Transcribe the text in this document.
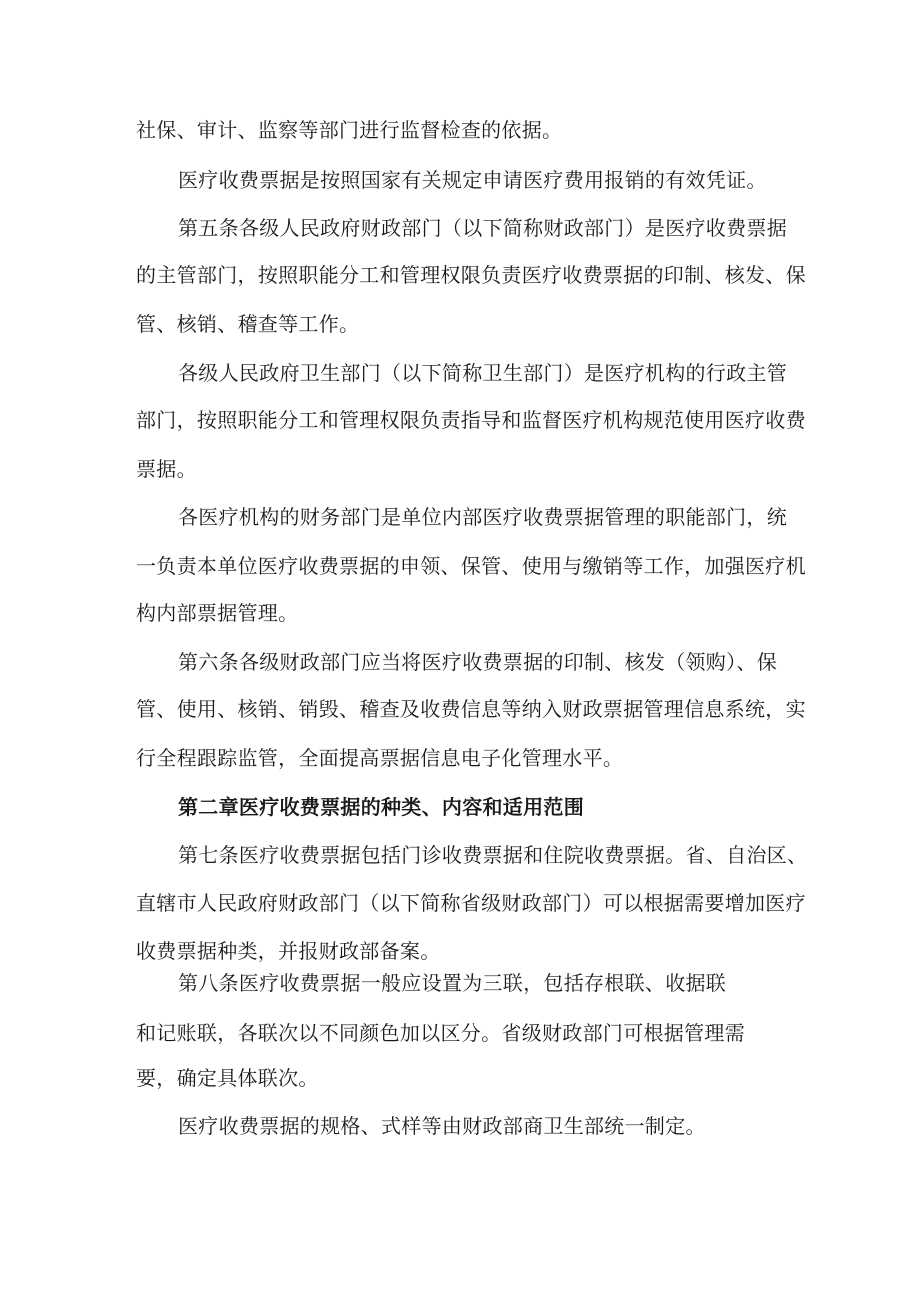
社保、审计、监察等部门进行监督检查的依据。

医疗收费票据是按照国家有关规定申请医疗费用报销的有效凭证。

第五条各级人民政府财政部门（以下简称财政部门）是医疗收费票据

的主管部门，按照职能分工和管理权限负责医疗收费票据的印制、核发、保

管、核销、稽查等工作。

各级人民政府卫生部门（以下简称卫生部门）是医疗机构的行政主管

部门，按照职能分工和管理权限负责指导和监督医疗机构规范使用医疗收费

票据。

各医疗机构的财务部门是单位内部医疗收费票据管理的职能部门，统

一负责本单位医疗收费票据的申领、保管、使用与缴销等工作，加强医疗机

构内部票据管理。

第六条各级财政部门应当将医疗收费票据的印制、核发（领购）、保

管、使用、核销、销毁、稽查及收费信息等纳入财政票据管理信息系统，实

行全程跟踪监管，全面提高票据信息电子化管理水平。

第二章医疗收费票据的种类、内容和适用范围

第七条医疗收费票据包括门诊收费票据和住院收费票据。省、自治区、

直辖市人民政府财政部门（以下简称省级财政部门）可以根据需要增加医疗

收费票据种类，并报财政部备案。

第八条医疗收费票据一般应设置为三联，包括存根联、收据联

和记账联，各联次以不同颜色加以区分。省级财政部门可根据管理需

要，确定具体联次。

医疗收费票据的规格、式样等由财政部商卫生部统一制定。
